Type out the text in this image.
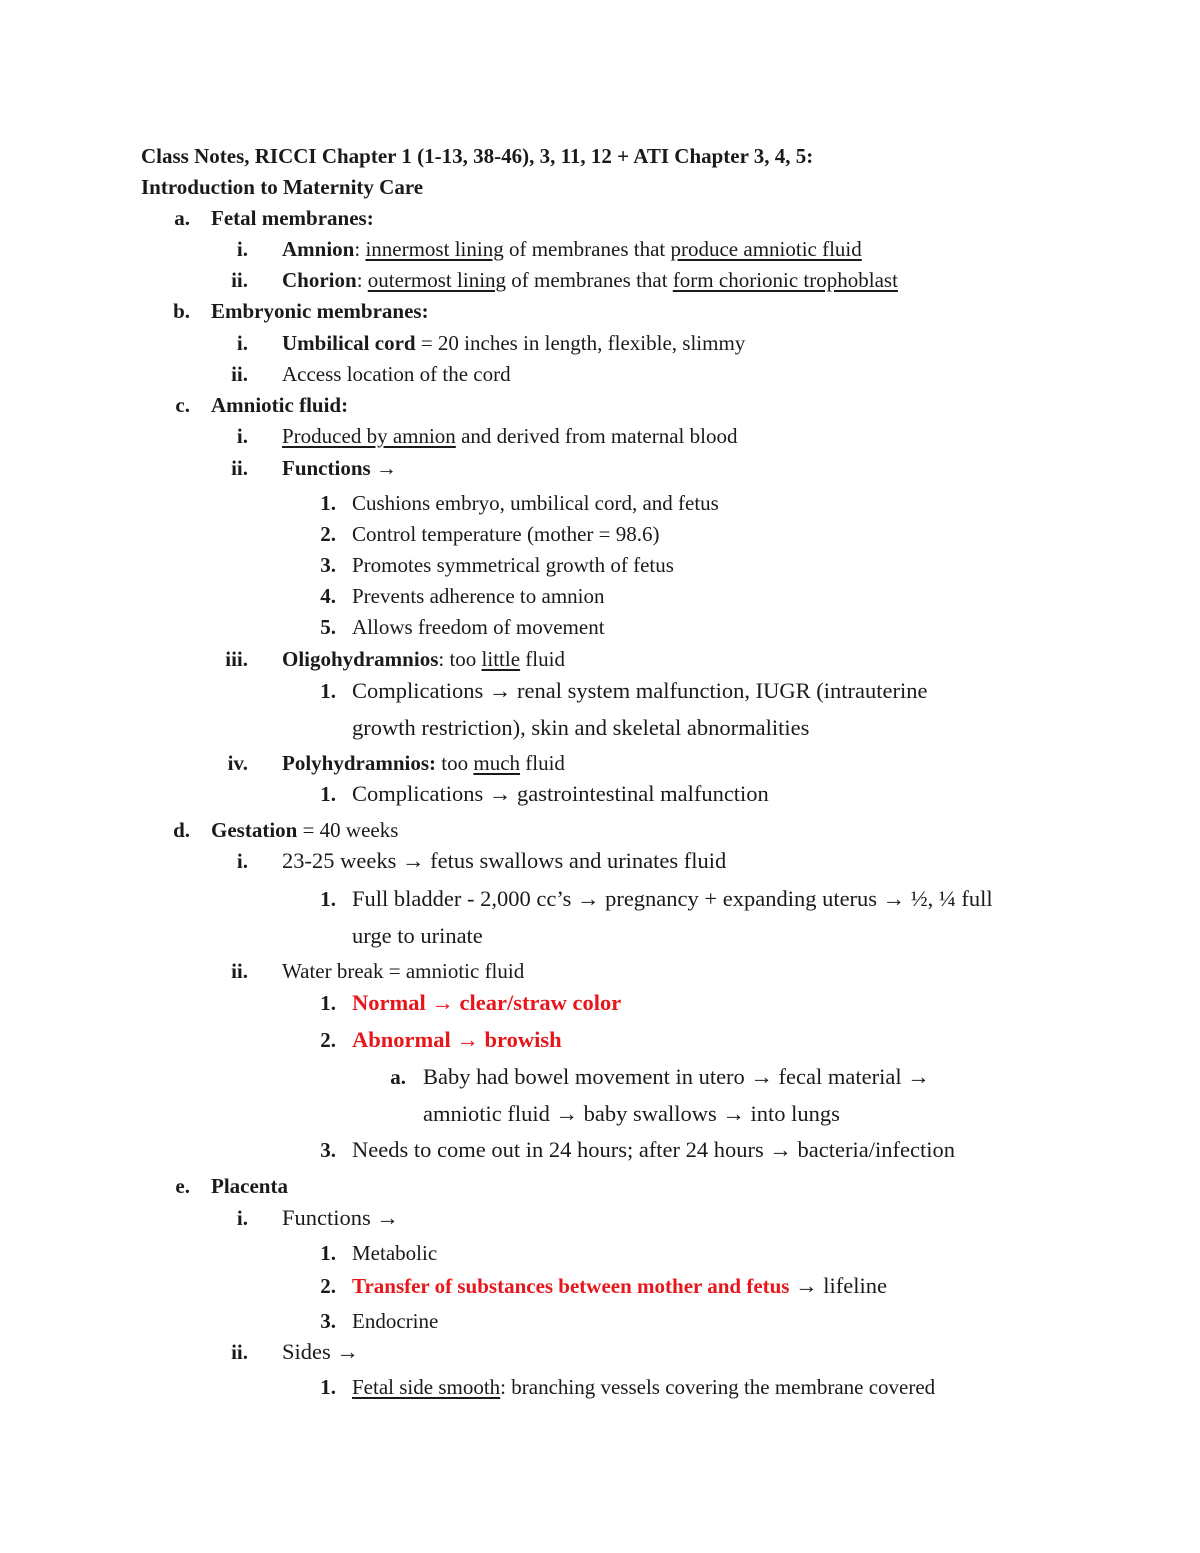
Class Notes, RICCI Chapter 1 (1-13, 38-46), 3, 11, 12 + ATI Chapter 3, 4, 5:
Introduction to Maternity Care
a. Fetal membranes:
i. Amnion: innermost lining of membranes that produce amniotic fluid
ii. Chorion: outermost lining of membranes that form chorionic trophoblast
b. Embryonic membranes:
i. Umbilical cord = 20 inches in length, flexible, slimmy
ii. Access location of the cord
c. Amniotic fluid:
i. Produced by amnion and derived from maternal blood
ii. Functions →
1. Cushions embryo, umbilical cord, and fetus
2. Control temperature (mother = 98.6)
3. Promotes symmetrical growth of fetus
4. Prevents adherence to amnion
5. Allows freedom of movement
iii. Oligohydramnios: too little fluid
1. Complications → renal system malfunction, IUGR (intrauterine
growth restriction), skin and skeletal abnormalities
iv. Polyhydramnios: too much fluid
1. Complications → gastrointestinal malfunction
d. Gestation = 40 weeks
i. 23-25 weeks → fetus swallows and urinates fluid
1. Full bladder - 2,000 cc’s → pregnancy + expanding uterus → ½, ¼ full
urge to urinate
ii. Water break = amniotic fluid
1. Normal → clear/straw color
2. Abnormal → browish
a. Baby had bowel movement in utero → fecal material →
amniotic fluid → baby swallows → into lungs
3. Needs to come out in 24 hours; after 24 hours → bacteria/infection
e. Placenta
i. Functions →
1. Metabolic
2. Transfer of substances between mother and fetus → lifeline
3. Endocrine
ii. Sides →
1. Fetal side smooth: branching vessels covering the membrane covered
